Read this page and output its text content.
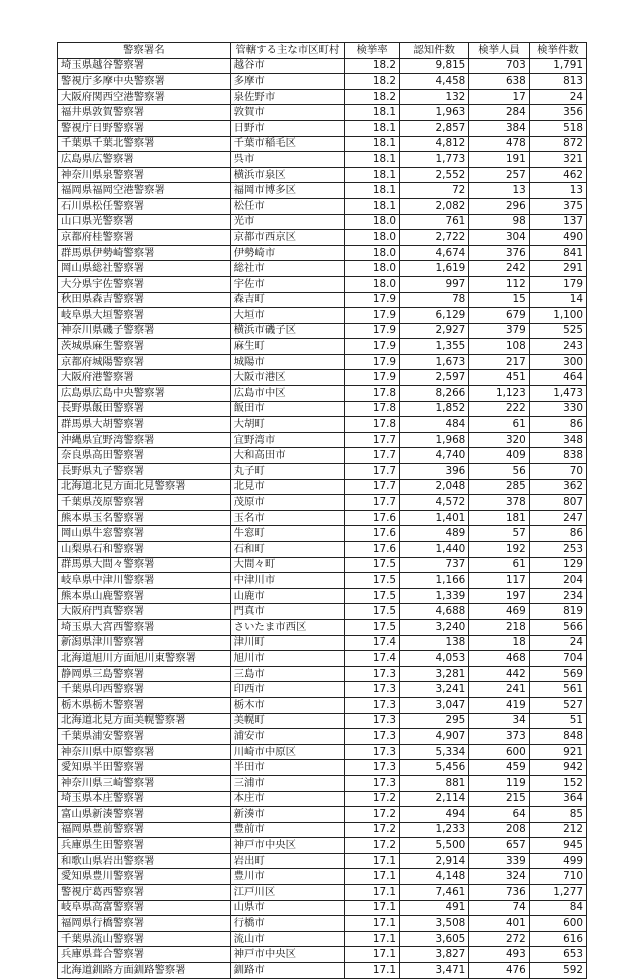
警察署名	管轄する主な市区町村	検挙率	認知件数	検挙人員	検挙件数
埼玉県越谷警察署	越谷市	18.2	9,815	703	1,791
警視庁多摩中央警察署	多摩市	18.2	4,458	638	813
大阪府関西空港警察署	泉佐野市	18.2	132	17	24
福井県敦賀警察署	敦賀市	18.1	1,963	284	356
警視庁日野警察署	日野市	18.1	2,857	384	518
千葉県千葉北警察署	千葉市稲毛区	18.1	4,812	478	872
広島県広警察署	呉市	18.1	1,773	191	321
神奈川県泉警察署	横浜市泉区	18.1	2,552	257	462
福岡県福岡空港警察署	福岡市博多区	18.1	72	13	13
石川県松任警察署	松任市	18.1	2,082	296	375
山口県光警察署	光市	18.0	761	98	137
京都府桂警察署	京都市西京区	18.0	2,722	304	490
群馬県伊勢崎警察署	伊勢崎市	18.0	4,674	376	841
岡山県総社警察署	総社市	18.0	1,619	242	291
大分県宇佐警察署	宇佐市	18.0	997	112	179
秋田県森吉警察署	森吉町	17.9	78	15	14
岐阜県大垣警察署	大垣市	17.9	6,129	679	1,100
神奈川県磯子警察署	横浜市磯子区	17.9	2,927	379	525
茨城県麻生警察署	麻生町	17.9	1,355	108	243
京都府城陽警察署	城陽市	17.9	1,673	217	300
大阪府港警察署	大阪市港区	17.9	2,597	451	464
広島県広島中央警察署	広島市中区	17.8	8,266	1,123	1,473
長野県飯田警察署	飯田市	17.8	1,852	222	330
群馬県大胡警察署	大胡町	17.8	484	61	86
沖縄県宜野湾警察署	宜野湾市	17.7	1,968	320	348
奈良県高田警察署	大和高田市	17.7	4,740	409	838
長野県丸子警察署	丸子町	17.7	396	56	70
北海道北見方面北見警察署	北見市	17.7	2,048	285	362
千葉県茂原警察署	茂原市	17.7	4,572	378	807
熊本県玉名警察署	玉名市	17.6	1,401	181	247
岡山県牛窓警察署	牛窓町	17.6	489	57	86
山梨県石和警察署	石和町	17.6	1,440	192	253
群馬県大間々警察署	大間々町	17.5	737	61	129
岐阜県中津川警察署	中津川市	17.5	1,166	117	204
熊本県山鹿警察署	山鹿市	17.5	1,339	197	234
大阪府門真警察署	門真市	17.5	4,688	469	819
埼玉県大宮西警察署	さいたま市西区	17.5	3,240	218	566
新潟県津川警察署	津川町	17.4	138	18	24
北海道旭川方面旭川東警察署	旭川市	17.4	4,053	468	704
静岡県三島警察署	三島市	17.3	3,281	442	569
千葉県印西警察署	印西市	17.3	3,241	241	561
栃木県栃木警察署	栃木市	17.3	3,047	419	527
北海道北見方面美幌警察署	美幌町	17.3	295	34	51
千葉県浦安警察署	浦安市	17.3	4,907	373	848
神奈川県中原警察署	川崎市中原区	17.3	5,334	600	921
愛知県半田警察署	半田市	17.3	5,456	459	942
神奈川県三崎警察署	三浦市	17.3	881	119	152
埼玉県本庄警察署	本庄市	17.2	2,114	215	364
富山県新湊警察署	新湊市	17.2	494	64	85
福岡県豊前警察署	豊前市	17.2	1,233	208	212
兵庫県生田警察署	神戸市中央区	17.2	5,500	657	945
和歌山県岩出警察署	岩出町	17.1	2,914	339	499
愛知県豊川警察署	豊川市	17.1	4,148	324	710
警視庁葛西警察署	江戸川区	17.1	7,461	736	1,277
岐阜県高富警察署	山県市	17.1	491	74	84
福岡県行橋警察署	行橋市	17.1	3,508	401	600
千葉県流山警察署	流山市	17.1	3,605	272	616
兵庫県葺合警察署	神戸市中央区	17.1	3,827	493	653
北海道釧路方面釧路警察署	釧路市	17.1	3,471	476	592
